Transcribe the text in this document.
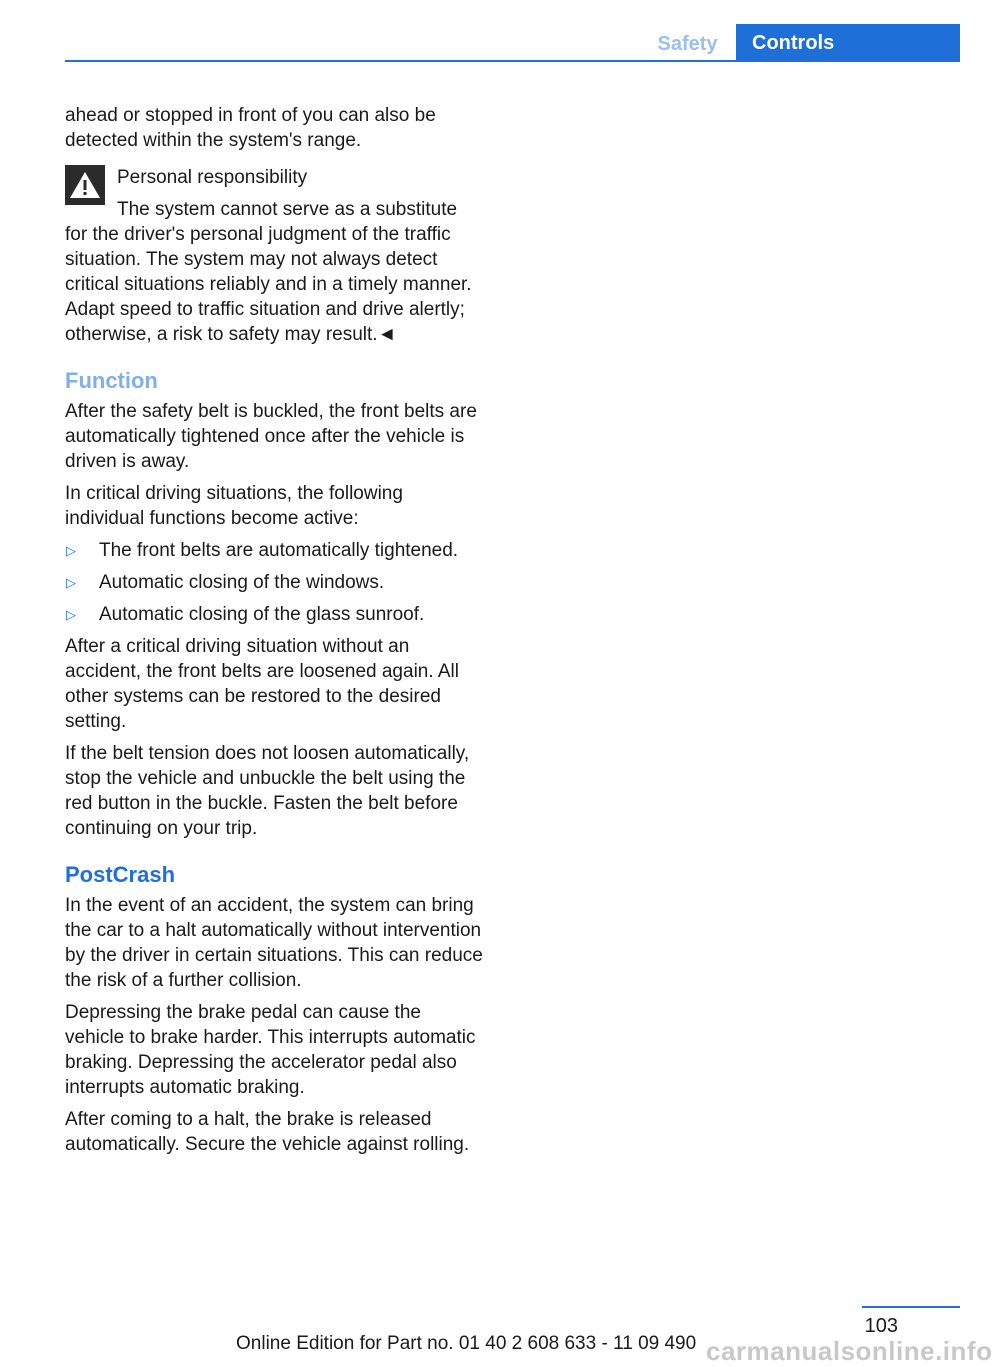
Safety	Controls

ahead or stopped in front of you can also be detected within the system's range.

Personal responsibility

The system cannot serve as a substitute for the driver's personal judgment of the traffic situation. The system may not always detect critical situations reliably and in a timely manner. Adapt speed to traffic situation and drive alertly; otherwise, a risk to safety may result.◄

Function

After the safety belt is buckled, the front belts are automatically tightened once after the vehicle is driven is away.

In critical driving situations, the following individual functions become active:

▷ The front belts are automatically tightened.
▷ Automatic closing of the windows.
▷ Automatic closing of the glass sunroof.

After a critical driving situation without an accident, the front belts are loosened again. All other systems can be restored to the desired setting.

If the belt tension does not loosen automatically, stop the vehicle and unbuckle the belt using the red button in the buckle. Fasten the belt before continuing on your trip.

PostCrash

In the event of an accident, the system can bring the car to a halt automatically without intervention by the driver in certain situations. This can reduce the risk of a further collision.

Depressing the brake pedal can cause the vehicle to brake harder. This interrupts automatic braking. Depressing the accelerator pedal also interrupts automatic braking.

After coming to a halt, the brake is released automatically. Secure the vehicle against rolling.

103
Online Edition for Part no. 01 40 2 608 633 - 11 09 490 carmanualsonline.info
